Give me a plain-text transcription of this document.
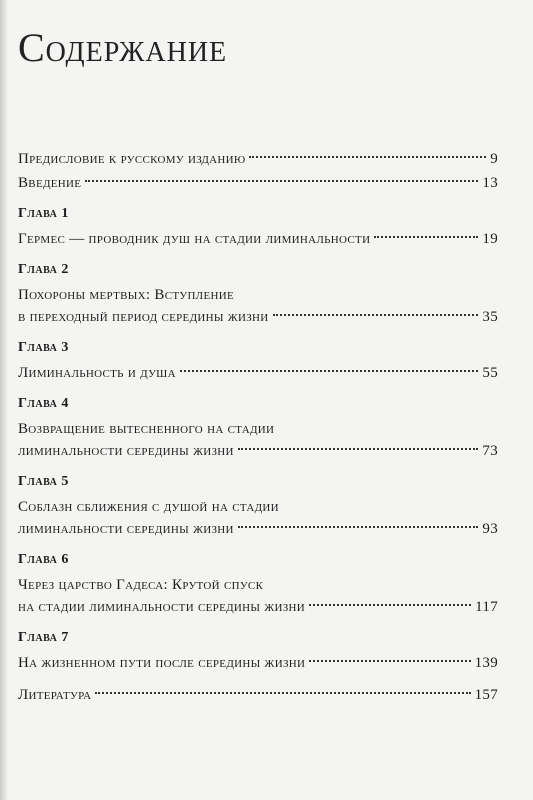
Содержание
Предисловие к русскому изданию	9
Введение	13
Глава 1
Гермес — проводник душ на стадии лиминальности	19
Глава 2
Похороны мертвых: Вступление
в переходный период середины жизни	35
Глава 3
Лиминальность и душа	55
Глава 4
Возвращение вытесненного на стадии
лиминальности середины жизни	73
Глава 5
Соблазн сближения с душой на стадии
лиминальности середины жизни	93
Глава 6
Через царство Гадеса: Крутой спуск
на стадии лиминальности середины жизни	117
Глава 7
На жизненном пути после середины жизни	139
Литература	157
